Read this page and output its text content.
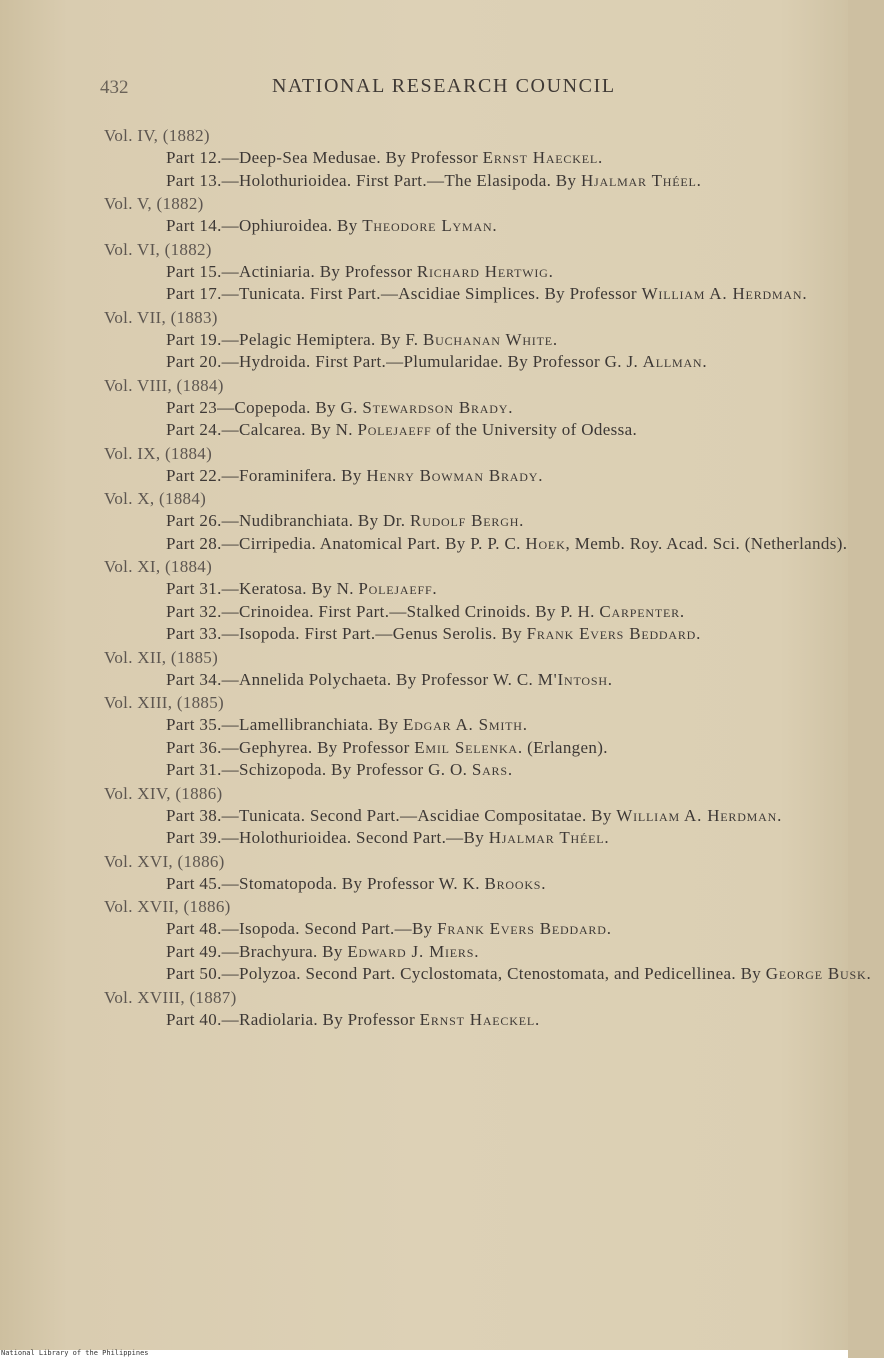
432	NATIONAL RESEARCH COUNCIL
Vol. IV, (1882)
Part 12.—Deep-Sea Medusae. By Professor Ernst Haeckel.
Part 13.—Holothurioidea. First Part.—The Elasipoda. By Hjalmar Théel.
Vol. V, (1882)
Part 14.—Ophiuroidea. By Theodore Lyman.
Vol. VI, (1882)
Part 15.—Actiniaria. By Professor Richard Hertwig.
Part 17.—Tunicata. First Part.—Ascidiae Simplices. By Professor William A. Herdman.
Vol. VII, (1883)
Part 19.—Pelagic Hemiptera. By F. Buchanan White.
Part 20.—Hydroida. First Part.—Plumularidae. By Professor G. J. Allman.
Vol. VIII, (1884)
Part 23—Copepoda. By G. Stewardson Brady.
Part 24.—Calcarea. By N. Polejaeff of the University of Odessa.
Vol. IX, (1884)
Part 22.—Foraminifera. By Henry Bowman Brady.
Vol. X, (1884)
Part 26.—Nudibranchiata. By Dr. Rudolf Bergh.
Part 28.—Cirripedia. Anatomical Part. By P. P. C. Hoek, Memb. Roy. Acad. Sci. (Netherlands).
Vol. XI, (1884)
Part 31.—Keratosa. By N. Polejaeff.
Part 32.—Crinoidea. First Part.—Stalked Crinoids. By P. H. Carpenter.
Part 33.—Isopoda. First Part.—Genus Serolis. By Frank Evers Beddard.
Vol. XII, (1885)
Part 34.—Annelida Polychaeta. By Professor W. C. M'Intosh.
Vol. XIII, (1885)
Part 35.—Lamellibranchiata. By Edgar A. Smith.
Part 36.—Gephyrea. By Professor Emil Selenka. (Erlangen).
Part 31.—Schizopoda. By Professor G. O. Sars.
Vol. XIV, (1886)
Part 38.—Tunicata. Second Part.—Ascidiae Compositatae. By William A. Herdman.
Part 39.—Holothurioidea. Second Part.—By Hjalmar Théel.
Vol. XVI, (1886)
Part 45.—Stomatopoda. By Professor W. K. Brooks.
Vol. XVII, (1886)
Part 48.—Isopoda. Second Part.—By Frank Evers Beddard.
Part 49.—Brachyura. By Edward J. Miers.
Part 50.—Polyzoa. Second Part. Cyclostomata, Ctenostomata, and Pedicellinea. By George Busk.
Vol. XVIII, (1887)
Part 40.—Radiolaria. By Professor Ernst Haeckel.
National Library of the Philippines
